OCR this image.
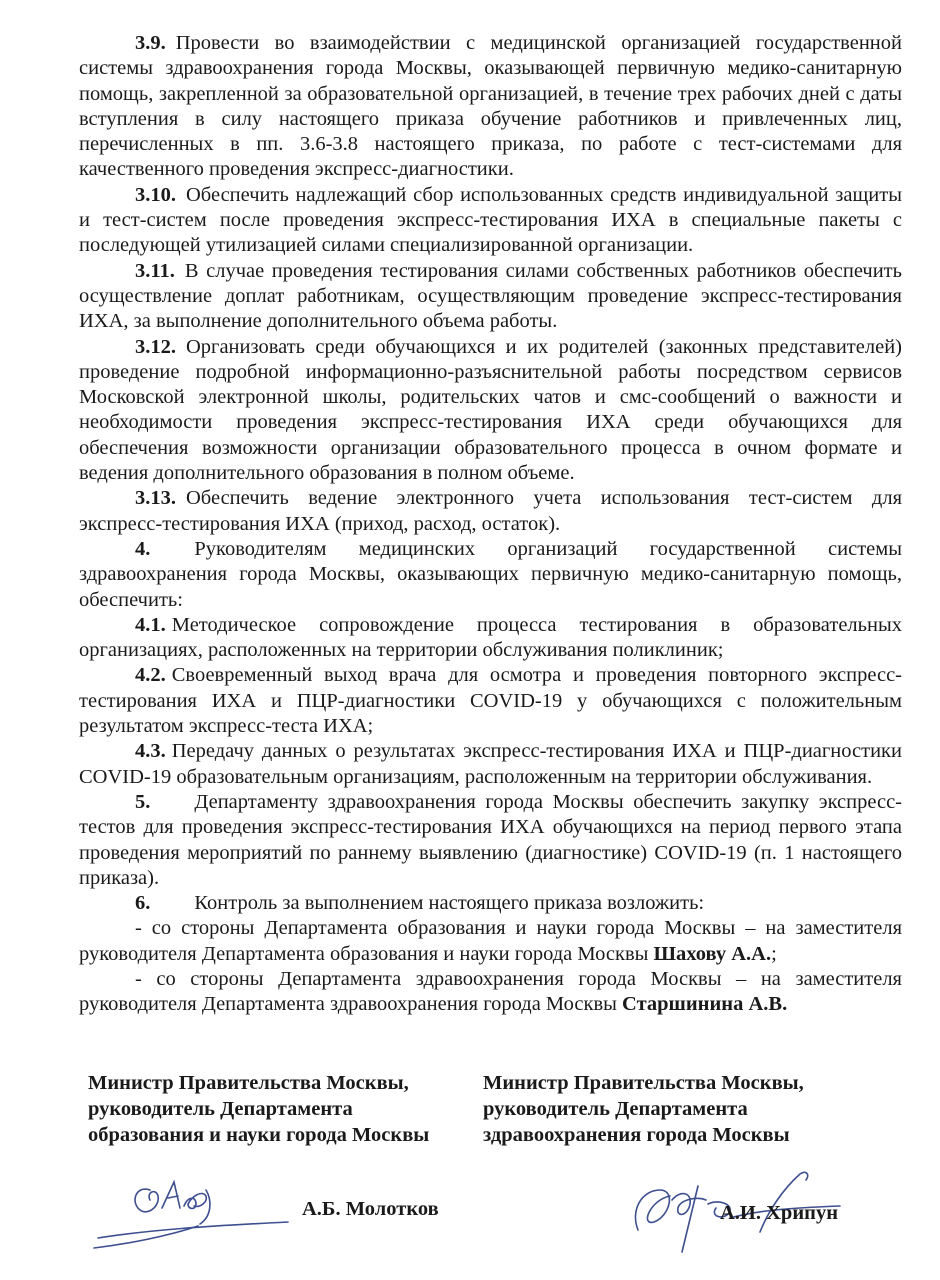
3.9. Провести во взаимодействии с медицинской организацией государственной системы здравоохранения города Москвы, оказывающей первичную медико-санитарную помощь, закрепленной за образовательной организацией, в течение трех рабочих дней с даты вступления в силу настоящего приказа обучение работников и привлеченных лиц, перечисленных в пп. 3.6-3.8 настоящего приказа, по работе с тест-системами для качественного проведения экспресс-диагностики.

3.10. Обеспечить надлежащий сбор использованных средств индивидуальной защиты и тест-систем после проведения экспресс-тестирования ИХА в специальные пакеты с последующей утилизацией силами специализированной организации.

3.11. В случае проведения тестирования силами собственных работников обеспечить осуществление доплат работникам, осуществляющим проведение экспресс-тестирования ИХА, за выполнение дополнительного объема работы.

3.12. Организовать среди обучающихся и их родителей (законных представителей) проведение подробной информационно-разъяснительной работы посредством сервисов Московской электронной школы, родительских чатов и смс-сообщений о важности и необходимости проведения экспресс-тестирования ИХА среди обучающихся для обеспечения возможности организации образовательного процесса в очном формате и ведения дополнительного образования в полном объеме.

3.13. Обеспечить ведение электронного учета использования тест-систем для экспресс-тестирования ИХА (приход, расход, остаток).

4. Руководителям медицинских организаций государственной системы здравоохранения города Москвы, оказывающих первичную медико-санитарную помощь, обеспечить:

4.1. Методическое сопровождение процесса тестирования в образовательных организациях, расположенных на территории обслуживания поликлиник;

4.2. Своевременный выход врача для осмотра и проведения повторного экспресс-тестирования ИХА и ПЦР-диагностики COVID-19 у обучающихся с положительным результатом экспресс-теста ИХА;

4.3. Передачу данных о результатах экспресс-тестирования ИХА и ПЦР-диагностики COVID-19 образовательным организациям, расположенным на территории обслуживания.

5. Департаменту здравоохранения города Москвы обеспечить закупку экспресс-тестов для проведения экспресс-тестирования ИХА обучающихся на период первого этапа проведения мероприятий по раннему выявлению (диагностике) COVID-19 (п. 1 настоящего приказа).

6. Контроль за выполнением настоящего приказа возложить:

- со стороны Департамента образования и науки города Москвы – на заместителя руководителя Департамента образования и науки города Москвы Шахову А.А.;

- со стороны Департамента здравоохранения города Москвы – на заместителя руководителя Департамента здравоохранения города Москвы Старшинина А.В.

Министр Правительства Москвы,
руководитель Департамента
образования и науки города Москвы
Министр Правительства Москвы,
руководитель Департамента
здравоохранения города Москвы
А.Б. Молотков	А.И. Хрипун
